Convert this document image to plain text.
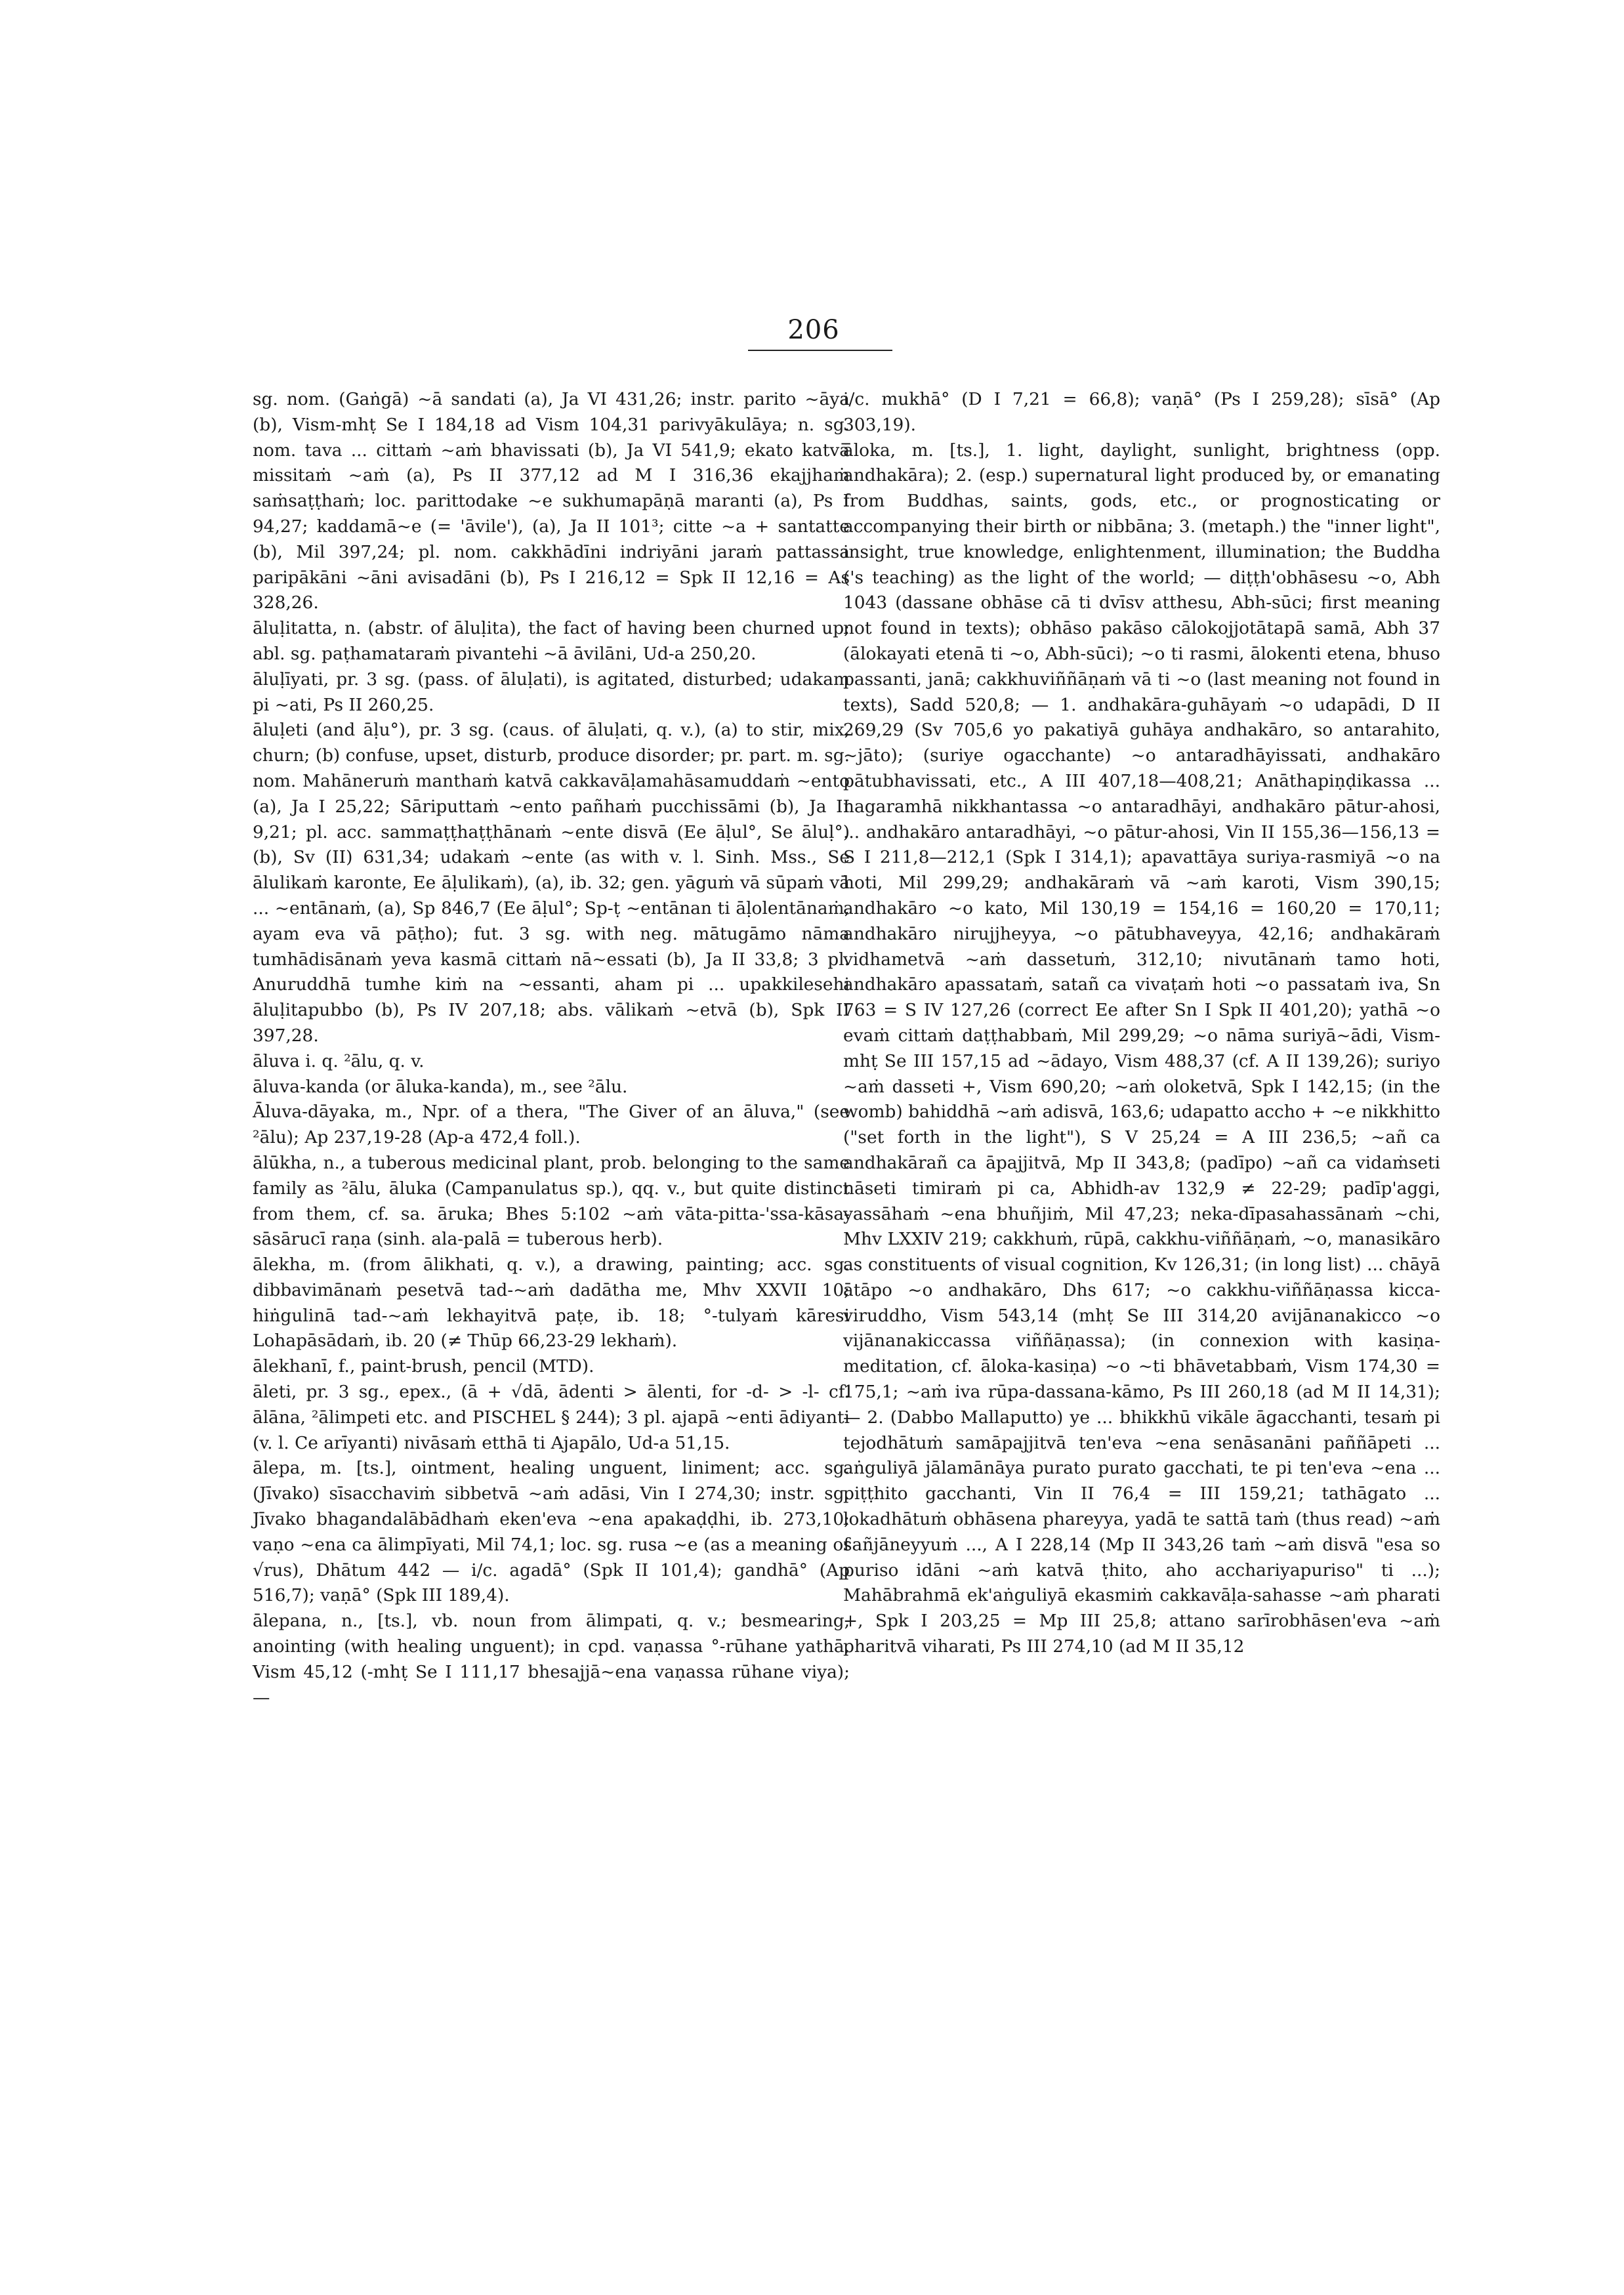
206

sg. nom. (Gaṅgā) ~ā sandati (a), Ja VI 431,26; instr. parito ~āya (b), Vism-mhṭ Se I 184,18 ad Vism 104,31 parivyākulāya; n. sg. nom. tava ... cittaṁ ~aṁ bhavissati (b), Ja VI 541,9; ekato katvā missitaṁ ~aṁ (a), Ps II 377,12 ad M I 316,36 ekajjhaṁ saṁsaṭṭhaṁ; loc. parittodake ~e sukhumapāṇā maranti (a), Ps I 94,27; kaddamā~e (= 'āvile'), (a), Ja II 101³; citte ~a + santatte (b), Mil 397,24; pl. nom. cakkhādīni indriyāni jaraṁ pattassa paripākāni ~āni avisadāni (b), Ps I 216,12 = Spk II 12,16 = As 328,26.

āluḷitatta, n. (abstr. of āluḷita), the fact of having been churned up; abl. sg. paṭhamataraṁ pivantehi ~ā āvilāni, Ud-a 250,20.

āluḷīyati, pr. 3 sg. (pass. of āluḷati), is agitated, disturbed; udakam pi ~ati, Ps II 260,25.

āluḷeti (and āḷu°), pr. 3 sg. (caus. of āluḷati, q. v.), (a) to stir, mix, churn; (b) confuse, upset, disturb, produce disorder; pr. part. m. sg. nom. Mahāneruṁ manthaṁ katvā cakkavāḷamahāsamuddaṁ ~ento (a), Ja I 25,22; Sāriputtaṁ ~ento pañhaṁ pucchissāmi (b), Ja II 9,21; pl. acc. sammaṭṭhaṭṭhānaṁ ~ente disvā (Ee āḷul°, Se āluḷ°) (b), Sv (II) 631,34; udakaṁ ~ente (as with v. l. Sinh. Mss., Se ālulikaṁ karonte, Ee āḷulikaṁ), (a), ib. 32; gen. yāguṁ vā sūpaṁ vā ... ~entānaṁ, (a), Sp 846,7 (Ee āḷul°; Sp-ṭ ~entānan ti āḷolentānaṁ, ayam eva vā pāṭho); fut. 3 sg. with neg. mātugāmo nāma tumhādisānaṁ yeva kasmā cittaṁ nā~essati (b), Ja II 33,8; 3 pl. Anuruddhā tumhe kiṁ na ~essanti, aham pi ... upakkilesehi āluḷitapubbo (b), Ps IV 207,18; abs. vālikaṁ ~etvā (b), Spk II 397,28.

āluva i. q. ²ālu, q. v.

āluva-kanda (or āluka-kanda), m., see ²ālu.

Āluva-dāyaka, m., Npr. of a thera, "The Giver of an āluva," (see ²ālu); Ap 237,19-28 (Ap-a 472,4 foll.).

ālūkha, n., a tuberous medicinal plant, prob. belonging to the same family as ²ālu, āluka (Campanulatus sp.), qq. v., but quite distinct from them, cf. sa. āruka; Bhes 5:102 ~aṁ vāta-pitta-'ssa-kāsa-sāsārucī raṇa (sinh. ala-palā = tuberous herb).

ālekha, m. (from ālikhati, q. v.), a drawing, painting; acc. sg. dibbavimānaṁ pesetvā tad-~aṁ dadātha me, Mhv XXVII 10; hiṅgulinā tad-~aṁ lekhayitvā paṭe, ib. 18; °-tulyaṁ kāresi Lohapāsādaṁ, ib. 20 (≠ Thūp 66,23-29 lekhaṁ).

ālekhanī, f., paint-brush, pencil (MTD).

āleti, pr. 3 sg., epex., (ā + √dā, ādenti > ālenti, for -d- > -l- cf. ālāna, ²ālimpeti etc. and PISCHEL § 244); 3 pl. ajapā ~enti ādiyanti (v. l. Ce arīyanti) nivāsaṁ etthā ti Ajapālo, Ud-a 51,15.

ālepa, m. [ts.], ointment, healing unguent, liniment; acc. sg. (Jīvako) sīsacchaviṁ sibbetvā ~aṁ adāsi, Vin I 274,30; instr. sg. Jīvako bhagandalābādhaṁ eken'eva ~ena apakaḍḍhi, ib. 273,10; vaṇo ~ena ca ālimpīyati, Mil 74,1; loc. sg. rusa ~e (as a meaning of √rus), Dhātum 442 — i/c. agadā° (Spk II 101,4); gandhā° (Ap 516,7); vaṇā° (Spk III 189,4).

ālepana, n., [ts.], vb. noun from ālimpati, q. v.; besmearing, anointing (with healing unguent); in cpd. vaṇassa °-rūhane yathā, Vism 45,12 (-mhṭ Se I 111,17 bhesajjā~ena vaṇassa rūhane viya); —

i/c. mukhā° (D I 7,21 = 66,8); vaṇā° (Ps I 259,28); sīsā° (Ap 303,19).

āloka, m. [ts.], 1. light, daylight, sunlight, brightness (opp. andhakāra); 2. (esp.) supernatural light produced by, or emanating from Buddhas, saints, gods, etc., or prognosticating or accompanying their birth or nibbāna; 3. (metaph.) the "inner light", insight, true knowledge, enlightenment, illumination; the Buddha ('s teaching) as the light of the world; — diṭṭh'obhāsesu ~o, Abh 1043 (dassane obhāse cā ti dvīsv atthesu, Abh-sūci; first meaning not found in texts); obhāso pakāso cālokojjotātapā samā, Abh 37 (ālokayati etenā ti ~o, Abh-sūci); ~o ti rasmi, ālokenti etena, bhuso passanti, janā; cakkhuviññāṇaṁ vā ti ~o (last meaning not found in texts), Sadd 520,8; — 1. andhakāra-guhāyaṁ ~o udapādi, D II 269,29 (Sv 705,6 yo pakatiyā guhāya andhakāro, so antarahito, ~jāto); (suriye ogacchante) ~o antaradhāyissati, andhakāro pātubhavissati, etc., A III 407,18—408,21; Anāthapiṇḍikassa ... nagaramhā nikkhantassa ~o antaradhāyi, andhakāro pātur-ahosi, ... andhakāro antaradhāyi, ~o pātur-ahosi, Vin II 155,36—156,13 = S I 211,8—212,1 (Spk I 314,1); apavattāya suriya-rasmiyā ~o na hoti, Mil 299,29; andhakāraṁ vā ~aṁ karoti, Vism 390,15; andhakāro ~o kato, Mil 130,19 = 154,16 = 160,20 = 170,11; andhakāro nirujjheyya, ~o pātubhaveyya, 42,16; andhakāraṁ vidhametvā ~aṁ dassetuṁ, 312,10; nivutānaṁ tamo hoti, andhakāro apassataṁ, satañ ca vivaṭaṁ hoti ~o passataṁ iva, Sn 763 = S IV 127,26 (correct Ee after Sn I Spk II 401,20); yathā ~o evaṁ cittaṁ daṭṭhabbaṁ, Mil 299,29; ~o nāma suriyā~ādi, Vism-mhṭ Se III 157,15 ad ~ādayo, Vism 488,37 (cf. A II 139,26); suriyo ~aṁ dasseti +, Vism 690,20; ~aṁ oloketvā, Spk I 142,15; (in the womb) bahiddhā ~aṁ adisvā, 163,6; udapatto accho + ~e nikkhitto ("set forth in the light"), S V 25,24 = A III 236,5; ~añ ca andhakārañ ca āpajjitvā, Mp II 343,8; (padīpo) ~añ ca vidaṁseti nāseti timiraṁ pi ca, Abhidh-av 132,9 ≠ 22-29; padīp'aggi, yassāhaṁ ~ena bhuñjiṁ, Mil 47,23; neka-dīpasahassānaṁ ~chi, Mhv LXXIV 219; cakkhuṁ, rūpā, cakkhu-viññāṇaṁ, ~o, manasikāro as constituents of visual cognition, Kv 126,31; (in long list) ... chāyā ātāpo ~o andhakāro, Dhs 617; ~o cakkhu-viññāṇassa kicca-viruddho, Vism 543,14 (mhṭ Se III 314,20 avijānanakicco ~o vijānanakiccassa viññāṇassa); (in connexion with kasiṇa-meditation, cf. āloka-kasiṇa) ~o ~ti bhāvetabbaṁ, Vism 174,30 = 175,1; ~aṁ iva rūpa-dassana-kāmo, Ps III 260,18 (ad M II 14,31); — 2. (Dabbo Mallaputto) ye ... bhikkhū vikāle āgacchanti, tesaṁ pi tejodhātuṁ samāpajjitvā ten'eva ~ena senāsanāni paññāpeti ... aṅguliyā jālamānāya purato purato gacchati, te pi ten'eva ~ena ... piṭṭhito gacchanti, Vin II 76,4 = III 159,21; tathāgato ... lokadhātuṁ obhāsena phareyya, yadā te sattā taṁ (thus read) ~aṁ sañjāneyyuṁ ..., A I 228,14 (Mp II 343,26 taṁ ~aṁ disvā "esa so puriso idāni ~aṁ katvā ṭhito, aho acchariyapuriso" ti ...); Mahābrahmā ek'aṅguliyā ekasmiṁ cakkavāḷa-sahasse ~aṁ pharati +, Spk I 203,25 = Mp III 25,8; attano sarīrobhāsen'eva ~aṁ pharitvā viharati, Ps III 274,10 (ad M II 35,12
